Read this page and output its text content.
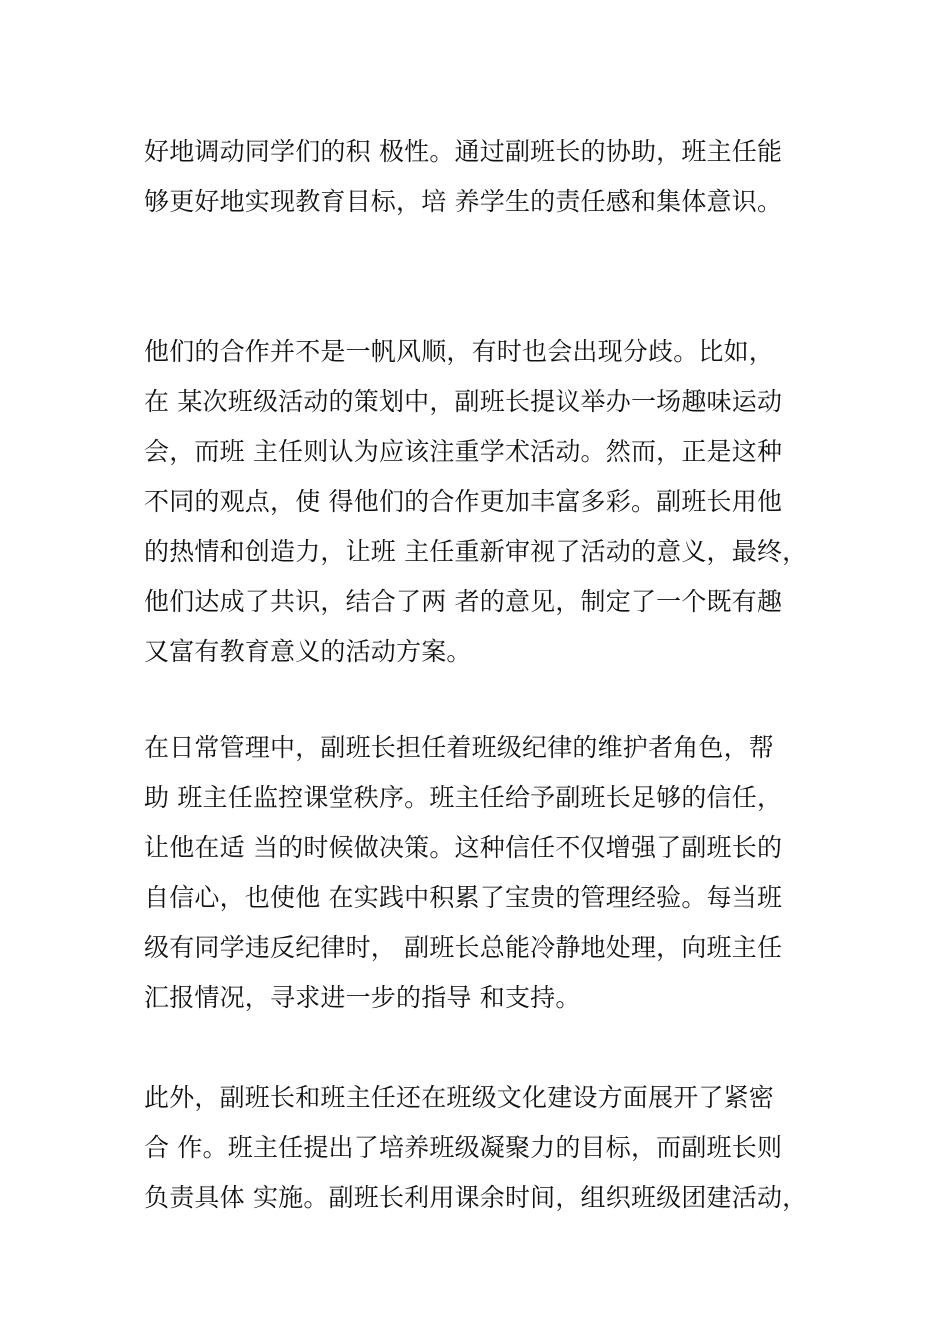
好地调动同学们的积 极性。通过副班长的协助，班主任能
够更好地实现教育目标，培 养学生的责任感和集体意识。
他们的合作并不是一帆风顺，有时也会出现分歧。比如，
在 某次班级活动的策划中，副班长提议举办一场趣味运动
会，而班 主任则认为应该注重学术活动。然而，正是这种
不同的观点，使 得他们的合作更加丰富多彩。副班长用他
的热情和创造力，让班 主任重新审视了活动的意义，最终，
他们达成了共识，结合了两 者的意见，制定了一个既有趣
又富有教育意义的活动方案。
在日常管理中，副班长担任着班级纪律的维护者角色，帮
助 班主任监控课堂秩序。班主任给予副班长足够的信任，
让他在适 当的时候做决策。这种信任不仅增强了副班长的
自信心，也使他 在实践中积累了宝贵的管理经验。每当班
级有同学违反纪律时， 副班长总能冷静地处理，向班主任
汇报情况，寻求进一步的指导 和支持。
此外，副班长和班主任还在班级文化建设方面展开了紧密
合 作。班主任提出了培养班级凝聚力的目标，而副班长则
负责具体 实施。副班长利用课余时间，组织班级团建活动，
